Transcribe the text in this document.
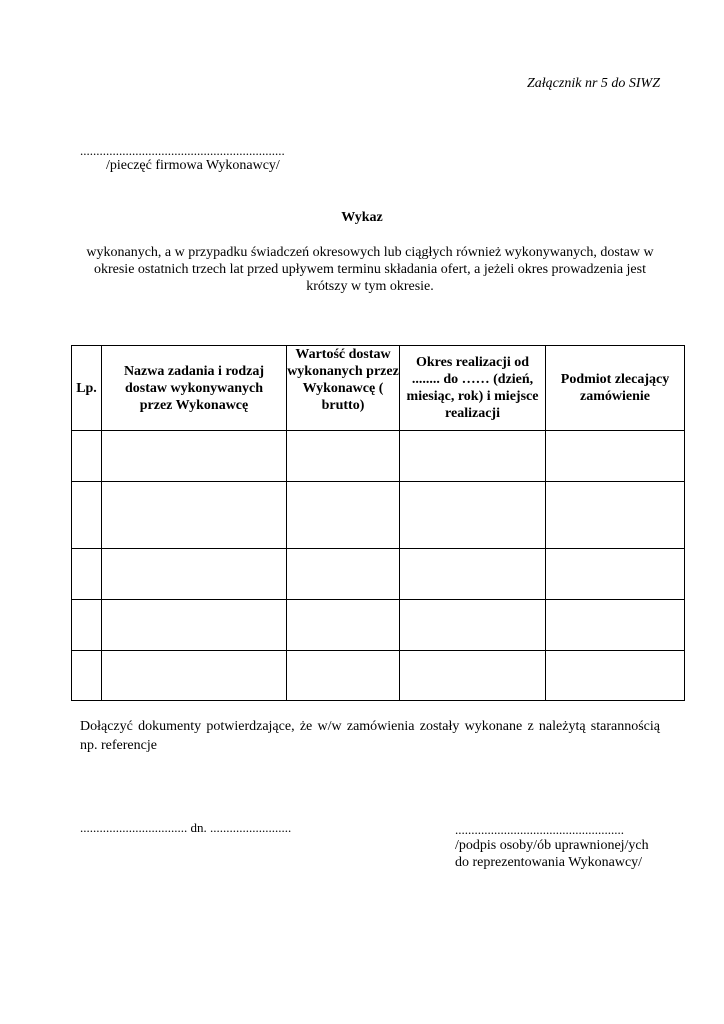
Załącznik nr 5 do SIWZ
...............................................................
/pieczęć firmowa Wykonawcy/
Wykaz
wykonanych, a w przypadku świadczeń okresowych lub ciągłych również wykonywanych, dostaw w okresie ostatnich trzech lat przed upływem terminu składania ofert, a jeżeli okres prowadzenia jest krótszy w tym okresie.
Lp.	Nazwa zadania i rodzaj dostaw wykonywanych przez Wykonawcę	Wartość dostaw wykonanych przez Wykonawcę ( brutto)	Okres realizacji od ........ do …… (dzień, miesiąc, rok) i miejsce realizacji	Podmiot zlecający zamówienie

Dołączyć dokumenty potwierdzające, że w/w zamówienia zostały wykonane z należytą starannością np. referencje
................................. dn. .........................	....................................................
/podpis osoby/ób uprawnionej/ych
do reprezentowania Wykonawcy/
